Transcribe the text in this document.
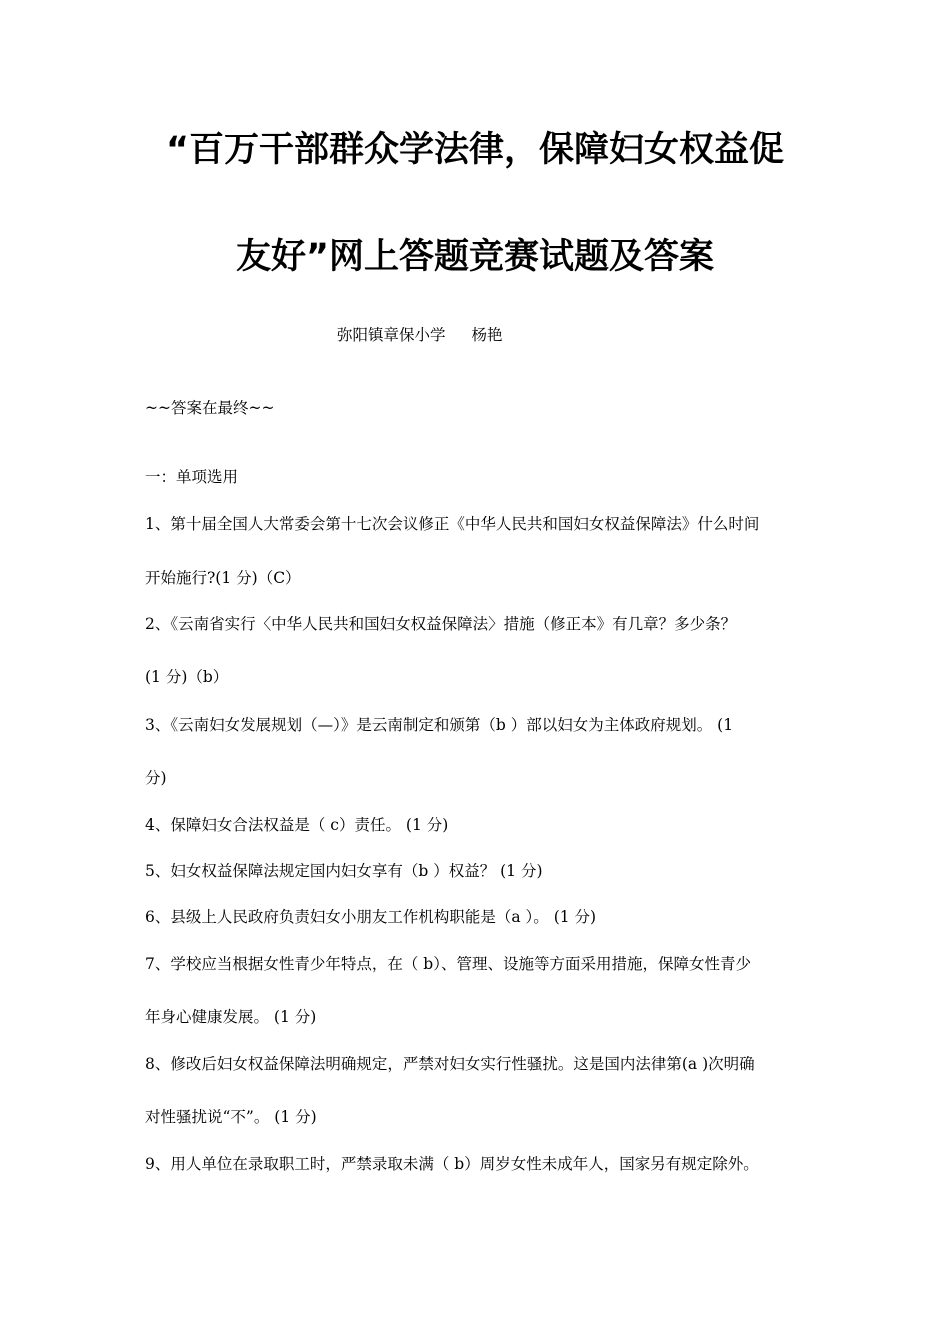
“百万干部群众学法律，保障妇女权益促
友好”网上答题竞赛试题及答案
弥阳镇章保小学 杨艳
~~答案在最终~~
一：单项选用
1、第十届全国人大常委会第十七次会议修正《中华人民共和国妇女权益保障法》什么时间
开始施行?(1 分)（C）
2、《云南省实行〈中华人民共和国妇女权益保障法〉措施（修正本》有几章？多少条？
(1 分)（b）
3、《云南妇女发展规划（—）》是云南制定和颁第（b ）部以妇女为主体政府规划。 (1
分)
4、保障妇女合法权益是（ c）责任。 (1 分)
5、妇女权益保障法规定国内妇女享有（b ）权益？ (1 分)
6、县级上人民政府负责妇女小朋友工作机构职能是（a ）。 (1 分)
7、学校应当根据女性青少年特点，在（ b）、管理、设施等方面采用措施，保障女性青少
年身心健康发展。 (1 分)
8、修改后妇女权益保障法明确规定，严禁对妇女实行性骚扰。这是国内法律第(a )次明确
对性骚扰说“不”。 (1 分)
9、用人单位在录取职工时，严禁录取未满（ b）周岁女性未成年人，国家另有规定除外。
